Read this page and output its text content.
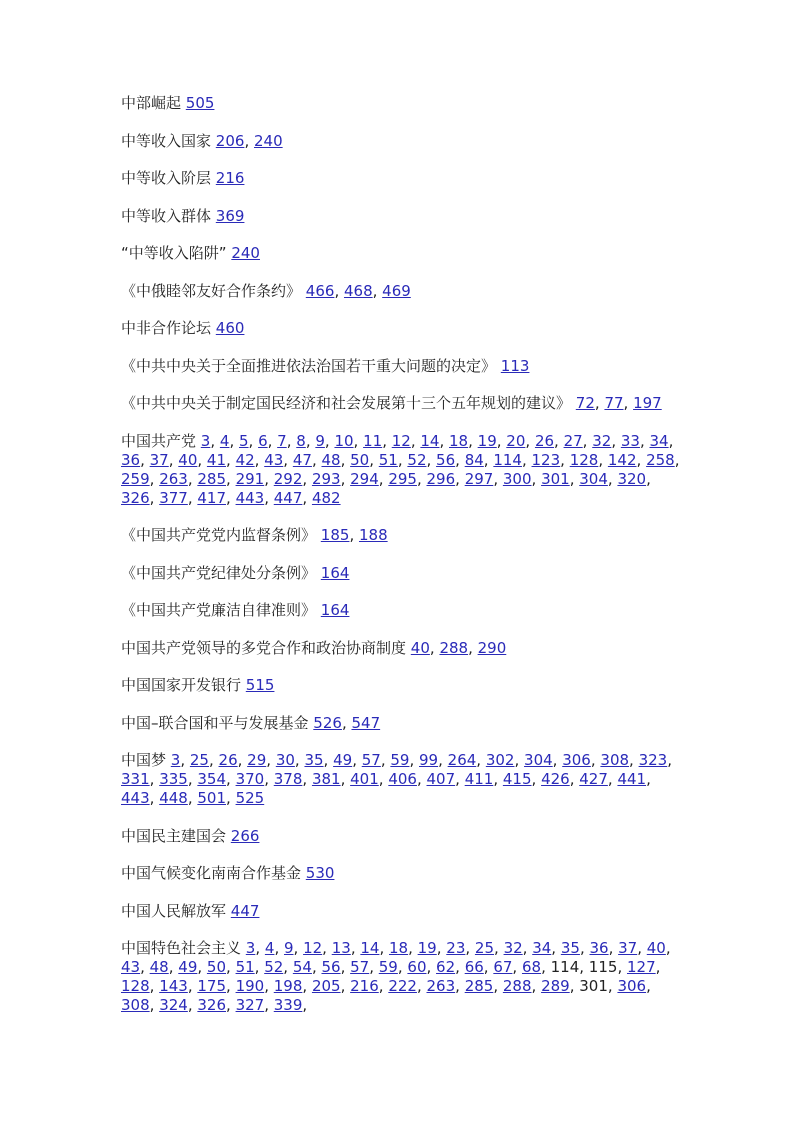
中部崛起 505

中等收入国家 206, 240

中等收入阶层 216

中等收入群体 369

“中等收入陷阱” 240

《中俄睦邻友好合作条约》 466, 468, 469

中非合作论坛 460

《中共中央关于全面推进依法治国若干重大问题的决定》 113

《中共中央关于制定国民经济和社会发展第十三个五年规划的建议》 72, 77, 197

中国共产党 3, 4, 5, 6, 7, 8, 9, 10, 11, 12, 14, 18, 19, 20, 26, 27, 32, 33, 34, 36, 37, 40, 41, 42, 43, 47, 48, 50, 51, 52, 56, 84, 114, 123, 128, 142, 258, 259, 263, 285, 291, 292, 293, 294, 295, 296, 297, 300, 301, 304, 320, 326, 377, 417, 443, 447, 482

《中国共产党党内监督条例》 185, 188

《中国共产党纪律处分条例》 164

《中国共产党廉洁自律准则》 164

中国共产党领导的多党合作和政治协商制度 40, 288, 290

中国国家开发银行 515

中国–联合国和平与发展基金 526, 547

中国梦 3, 25, 26, 29, 30, 35, 49, 57, 59, 99, 264, 302, 304, 306, 308, 323, 331, 335, 354, 370, 378, 381, 401, 406, 407, 411, 415, 426, 427, 441, 443, 448, 501, 525

中国民主建国会 266

中国气候变化南南合作基金 530

中国人民解放军 447

中国特色社会主义 3, 4, 9, 12, 13, 14, 18, 19, 23, 25, 32, 34, 35, 36, 37, 40, 43, 48, 49, 50, 51, 52, 54, 56, 57, 59, 60, 62, 66, 67, 68, 114, 115, 127, 128, 143, 175, 190, 198, 205, 216, 222, 263, 285, 288, 289, 301, 306, 308, 324, 326, 327, 339,
